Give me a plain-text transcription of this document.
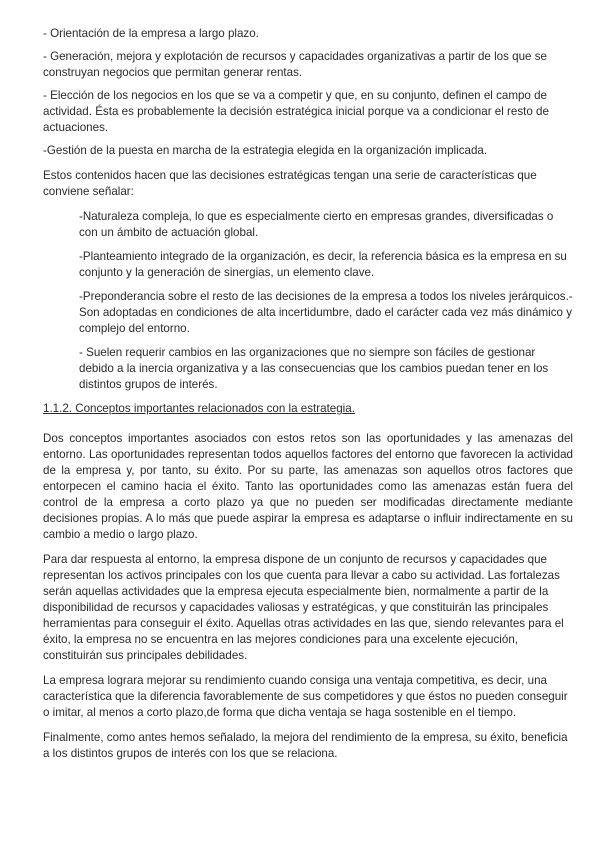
- Orientación de la empresa a largo plazo.

- Generación, mejora y explotación de recursos y capacidades organizativas a partir de los que se construyan negocios que permitan generar rentas.

- Elección de los negocios en los que se va a competir y que, en su conjunto, definen el campo de actividad. Ésta es probablemente la decisión estratégica inicial porque va a condicionar el resto de actuaciones.

-Gestión de la puesta en marcha de la estrategia elegida en la organización implicada.

Estos contenidos hacen que las decisiones estratégicas tengan una serie de características que conviene señalar:

-Naturaleza compleja, lo que es especialmente cierto en empresas grandes, diversificadas o con un ámbito de actuación global.

-Planteamiento integrado de la organización, es decir, la referencia básica es la empresa en su conjunto y la generación de sinergias, un elemento clave.

-Preponderancia sobre el resto de las decisiones de la empresa a todos los niveles jerárquicos.- Son adoptadas en condiciones de alta incertidumbre, dado el carácter cada vez más dinámico y complejo del entorno.

- Suelen requerir cambios en las organizaciones que no siempre son fáciles de gestionar debido a la inercia organizativa y a las consecuencias que los cambios puedan tener en los distintos grupos de interés.

1.1.2. Conceptos importantes relacionados con la estrategia.

Dos conceptos importantes asociados con estos retos son las oportunidades y las amenazas del entorno. Las oportunidades representan todos aquellos factores del entorno que favorecen la actividad de la empresa y, por tanto, su éxito. Por su parte, las amenazas son aquellos otros factores que entorpecen el camino hacia el éxito. Tanto las oportunidades como las amenazas están fuera del control de la empresa a corto plazo ya que no pueden ser modificadas directamente mediante decisiones propias. A lo más que puede aspirar la empresa es adaptarse o influir indirectamente en su cambio a medio o largo plazo.

Para dar respuesta al entorno, la empresa dispone de un conjunto de recursos y capacidades que representan los activos principales con los que cuenta para llevar a cabo su actividad. Las fortalezas serán aquellas actividades que la empresa ejecuta especialmente bien, normalmente a partir de la disponibilidad de recursos y capacidades valiosas y estratégicas, y que constituirán las principales herramientas para conseguir el éxito. Aquellas otras actividades en las que, siendo relevantes para el éxito, la empresa no se encuentra en las mejores condiciones para una excelente ejecución, constituirán sus principales debilidades.

La empresa lograra mejorar su rendimiento cuando consiga una ventaja competitiva, es decir, una característica que la diferencia favorablemente de sus competidores y que éstos no pueden conseguir o imitar, al menos a corto plazo,de forma que dicha ventaja se haga sostenible en el tiempo.

Finalmente, como antes hemos señalado, la mejora del rendimiento de la empresa, su éxito, beneficia a los distintos grupos de interés con los que se relaciona.
